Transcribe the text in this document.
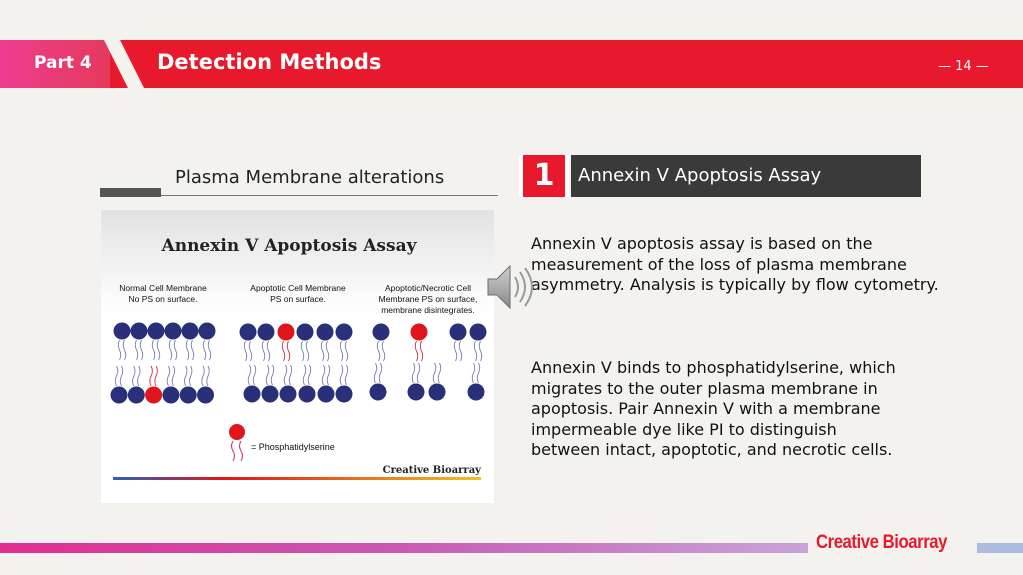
Part 4	Detection Methods	— 14 —
Plasma Membrane alterations
Annexin V Apoptosis Assay
Normal Cell Membrane No PS on surface.
Apoptotic Cell Membrane PS on surface.
Apoptotic/Necrotic Cell Membrane PS on surface, membrane disintegrates.
= Phosphatidylserine
Creative Bioarray
1	Annexin V Apoptosis Assay
Annexin V apoptosis assay is based on the measurement of the loss of plasma membrane asymmetry. Analysis is typically by flow cytometry.
Annexin V binds to phosphatidylserine, which migrates to the outer plasma membrane in apoptosis. Pair Annexin V with a membrane impermeable dye like PI to distinguish between intact, apoptotic, and necrotic cells.
Creative Bioarray
